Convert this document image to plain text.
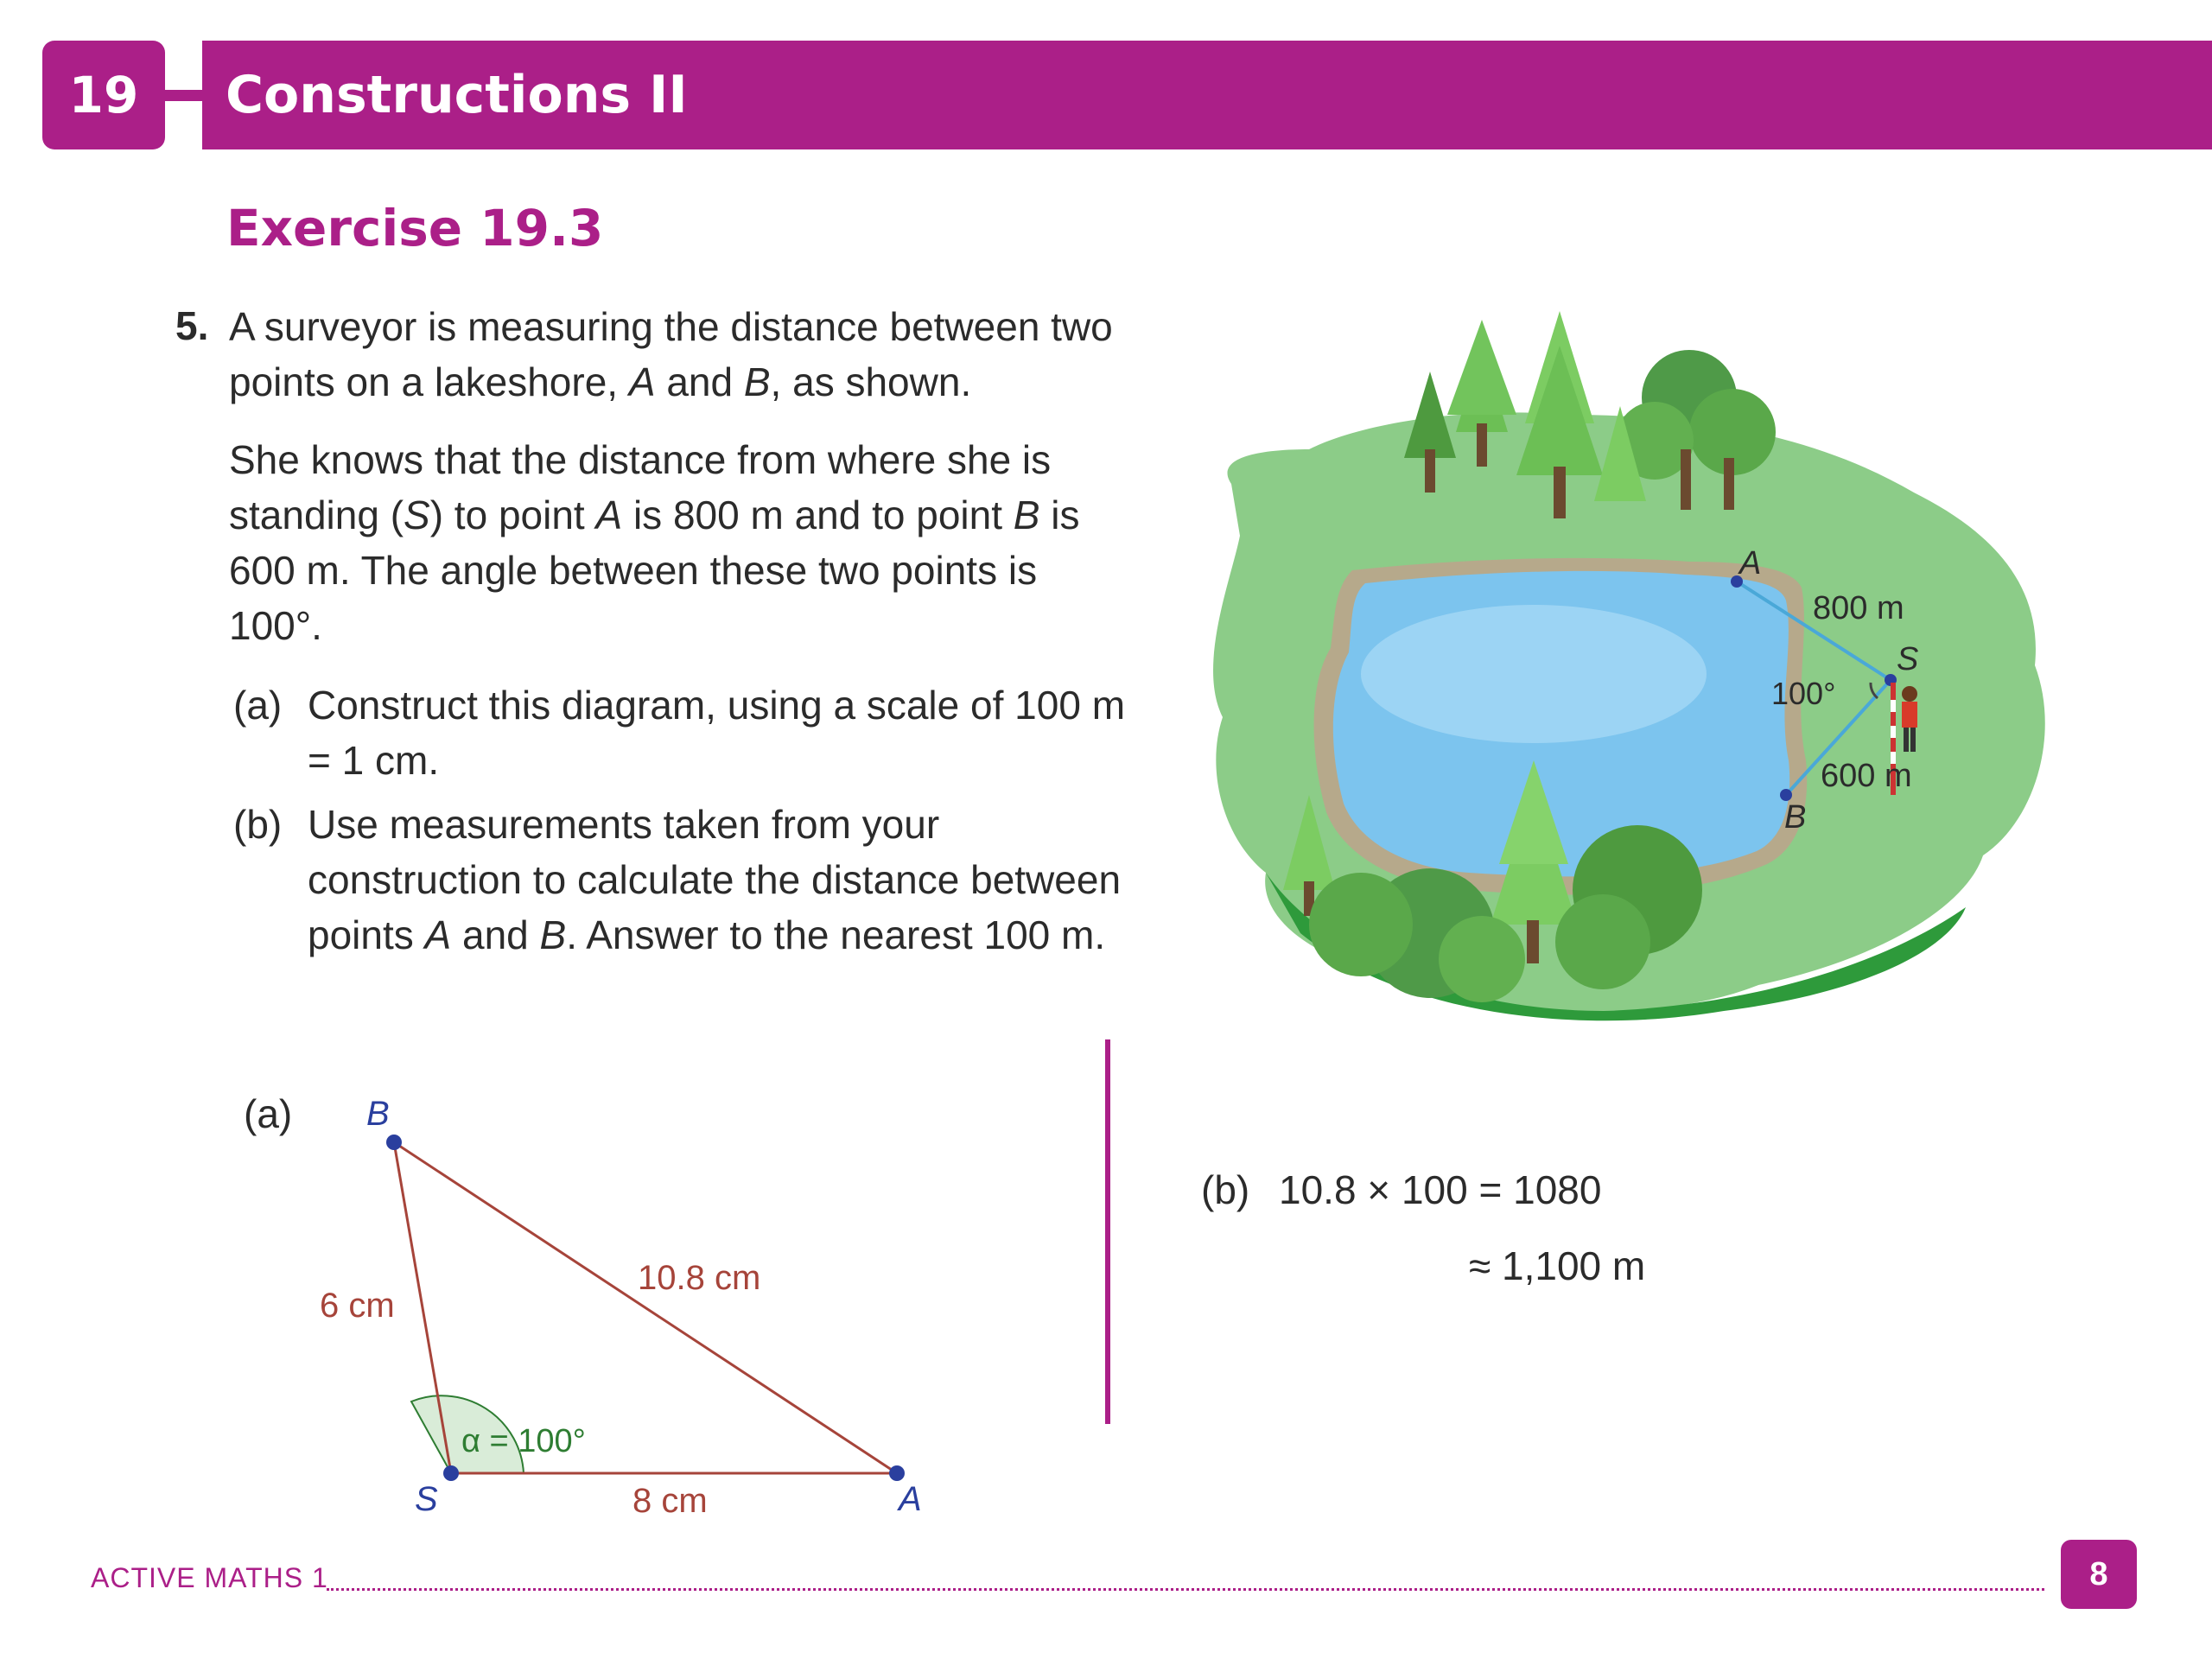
19 Constructions II
Exercise 19.3
5. A surveyor is measuring the distance between two points on a lakeshore, A and B, as shown.
She knows that the distance from where she is standing (S) to point A is 800 m and to point B is 600 m. The angle between these two points is 100°.
(a) Construct this diagram, using a scale of 100 m = 1 cm.
(b) Use measurements taken from your construction to calculate the distance between points A and B. Answer to the nearest 100 m.
A
S
B
800 m
600 m
100°
(a) B
S	A
6 cm
10.8 cm
8 cm
α = 100°
(b) 10.8 × 100 = 1080
≈ 1,100 m
ACTIVE MATHS 1	8
